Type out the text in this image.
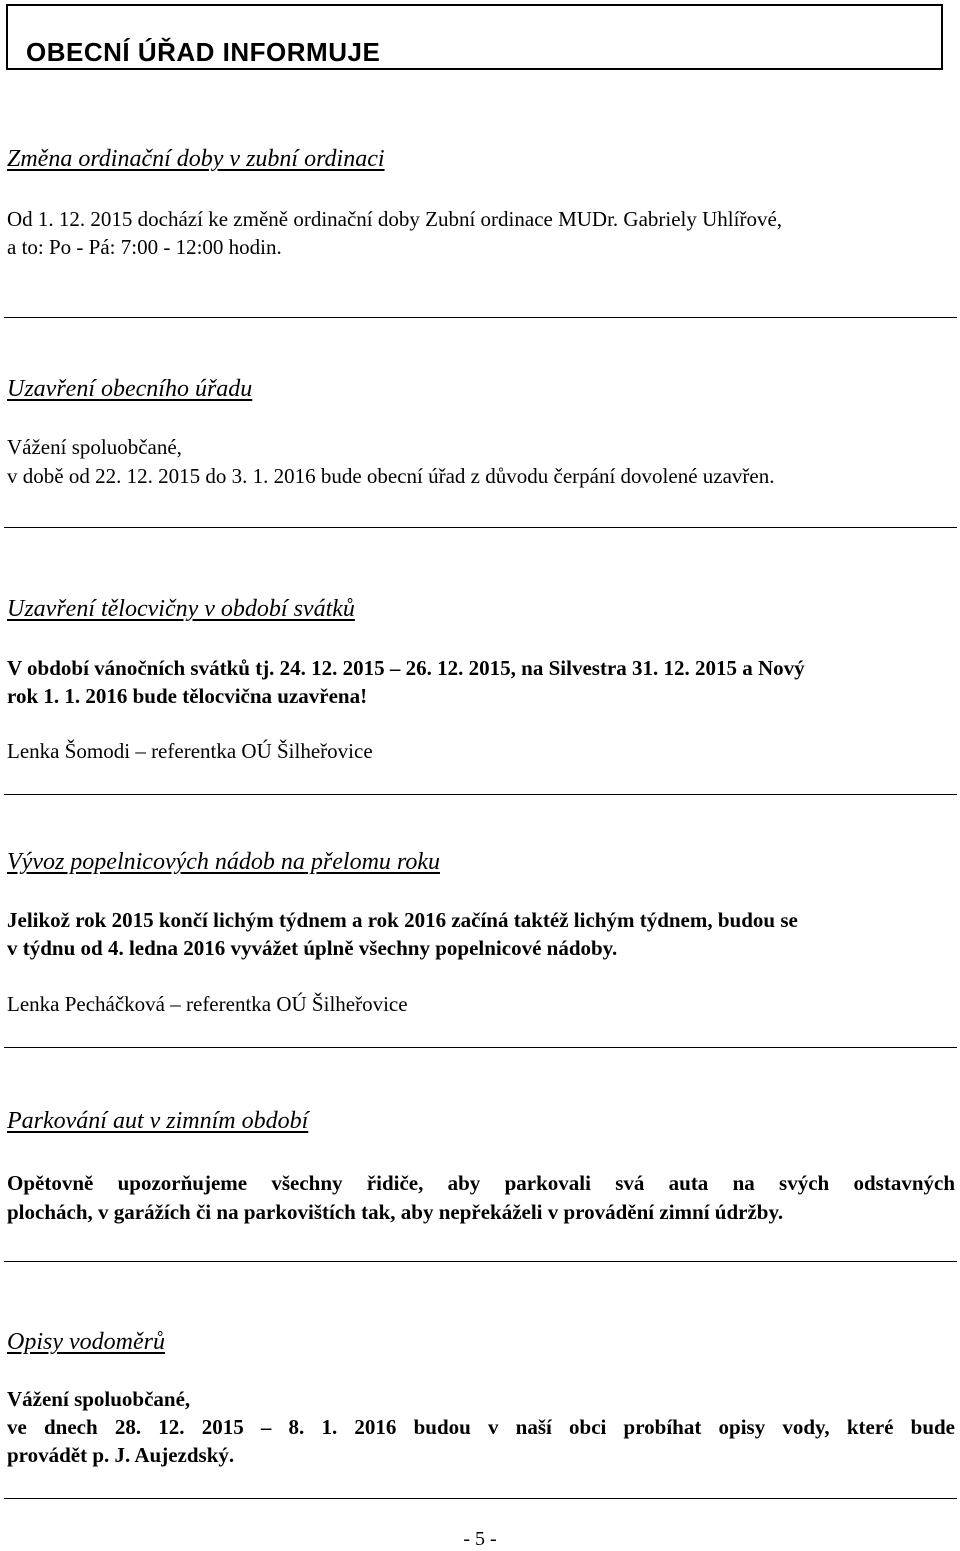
OBECNÍ ÚŘAD INFORMUJE
Změna ordinační doby v zubní ordinaci
Od 1. 12. 2015 dochází ke změně ordinační doby Zubní ordinace MUDr. Gabriely Uhlířové,
a to: Po - Pá: 7:00 - 12:00 hodin.
Uzavření obecního úřadu
Vážení spoluobčané,
v době od 22. 12. 2015 do 3. 1. 2016 bude obecní úřad z důvodu čerpání dovolené uzavřen.
Uzavření tělocvičny v období svátků
V období vánočních svátků tj. 24. 12. 2015 – 26. 12. 2015, na Silvestra 31. 12. 2015 a Nový
rok 1. 1. 2016 bude tělocvična uzavřena!
Lenka Šomodi – referentka OÚ Šilheřovice
Vývoz popelnicových nádob na přelomu roku
Jelikož rok 2015 končí lichým týdnem a rok 2016 začíná taktéž lichým týdnem, budou se
v týdnu od 4. ledna 2016 vyvážet úplně všechny popelnicové nádoby.
Lenka Pecháčková – referentka OÚ Šilheřovice
Parkování aut v zimním období
Opětovně upozorňujeme všechny řidiče, aby parkovali svá auta na svých odstavných
plochách, v garážích či na parkovištích tak, aby nepřekáželi v provádění zimní údržby.
Opisy vodoměrů
Vážení spoluobčané,
ve dnech 28. 12. 2015 – 8. 1. 2016 budou v naší obci probíhat opisy vody, které bude
provádět p. J. Aujezdský.
- 5 -
